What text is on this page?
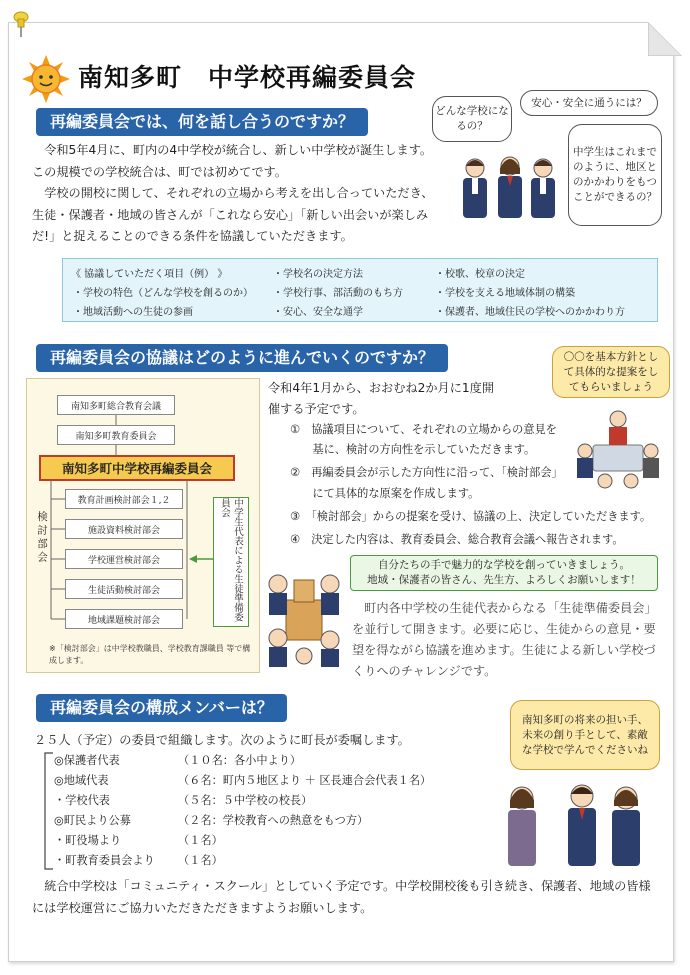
南知多町　中学校再編委員会
再編委員会では、何を話し合うのですか？

令和5年4月に、町内の4中学校が統合し、新しい中学校が誕生します。この規模での学校統合は、町では初めてです。

学校の開校に関して、それぞれの立場から考えを出し合っていただき、生徒・保護者・地域の皆さんが「これなら安心」「新しい出会いが楽しみだ!」と捉えることのできる条件を協議していただきます。

どんな学校になるの？
安心・安全に通うには？
中学生はこれまでのように、地区とのかかわりをもつことができるの？
《 協議していただく項目（例） 》	・学校名の決定方法	・校歌、校章の決定
・学校の特色（どんな学校を創るのか） ・学校行事、部活動のもち方	・学校を支える地域体制の構築
・地域活動への生徒の参画	・安心、安全な通学	・保護者、地域住民の学校へのかかわり方
再編委員会の協議はどのように進んでいくのですか？	〇〇を基本方針として具体的な提案をしてもらいましょう
南知多町総合教育会議
南知多町教育委員会
南知多町中学校再編委員会
検討部会
教育計画検討部会１,２
施設資料検討部会
学校運営検討部会
生徒活動検討部会
地域課題検討部会	中学生代表による生徒準備委員会
※「検討部会」は中学校教職員、学校教育課職員 等で構成します。
令和4年1月から、おおむね2か月に1度開
催する予定です。
①　協議項目について、それぞれの立場からの意見を
　　基に、検討の方向性を示していただきます。
②　再編委員会が示した方向性に沿って、「検討部会」
　　にて具体的な原案を作成します。
③　「検討部会」からの提案を受け、協議の上、決定していただきます。
④　決定した内容は、教育委員会、総合教育会議へ報告されます。
自分たちの手で魅力的な学校を創っていきましょう。
地域・保護者の皆さん、先生方、よろしくお願いします！
町内各中学校の生徒代表からなる「生徒準備委員会」を並行して開きます。必要に応じ、生徒からの意見・要望を得ながら協議を進めます。生徒による新しい学校づくりへのチャレンジです。
再編委員会の構成メンバーは？
南知多町の将来の担い手、未来の創り手として、素敵な学校で学んでくださいね
２５人（予定）の委員で組織します。次のように町長が委嘱します。
◎保護者代表	（１０名：各小中より）
◎地域代表	（６名：町内５地区より ＋ 区長連合会代表１名）
・学校代表	（５名：５中学校の校長）
◎町民より公募	（２名：学校教育への熱意をもつ方）
・町役場より	（１名）
・町教育委員会より （１名）

統合中学校は「コミュニティ・スクール」としていく予定です。中学校開校後も引き続き、保護者、地域の皆様には学校運営にご協力いただきただきますようお願いします。
